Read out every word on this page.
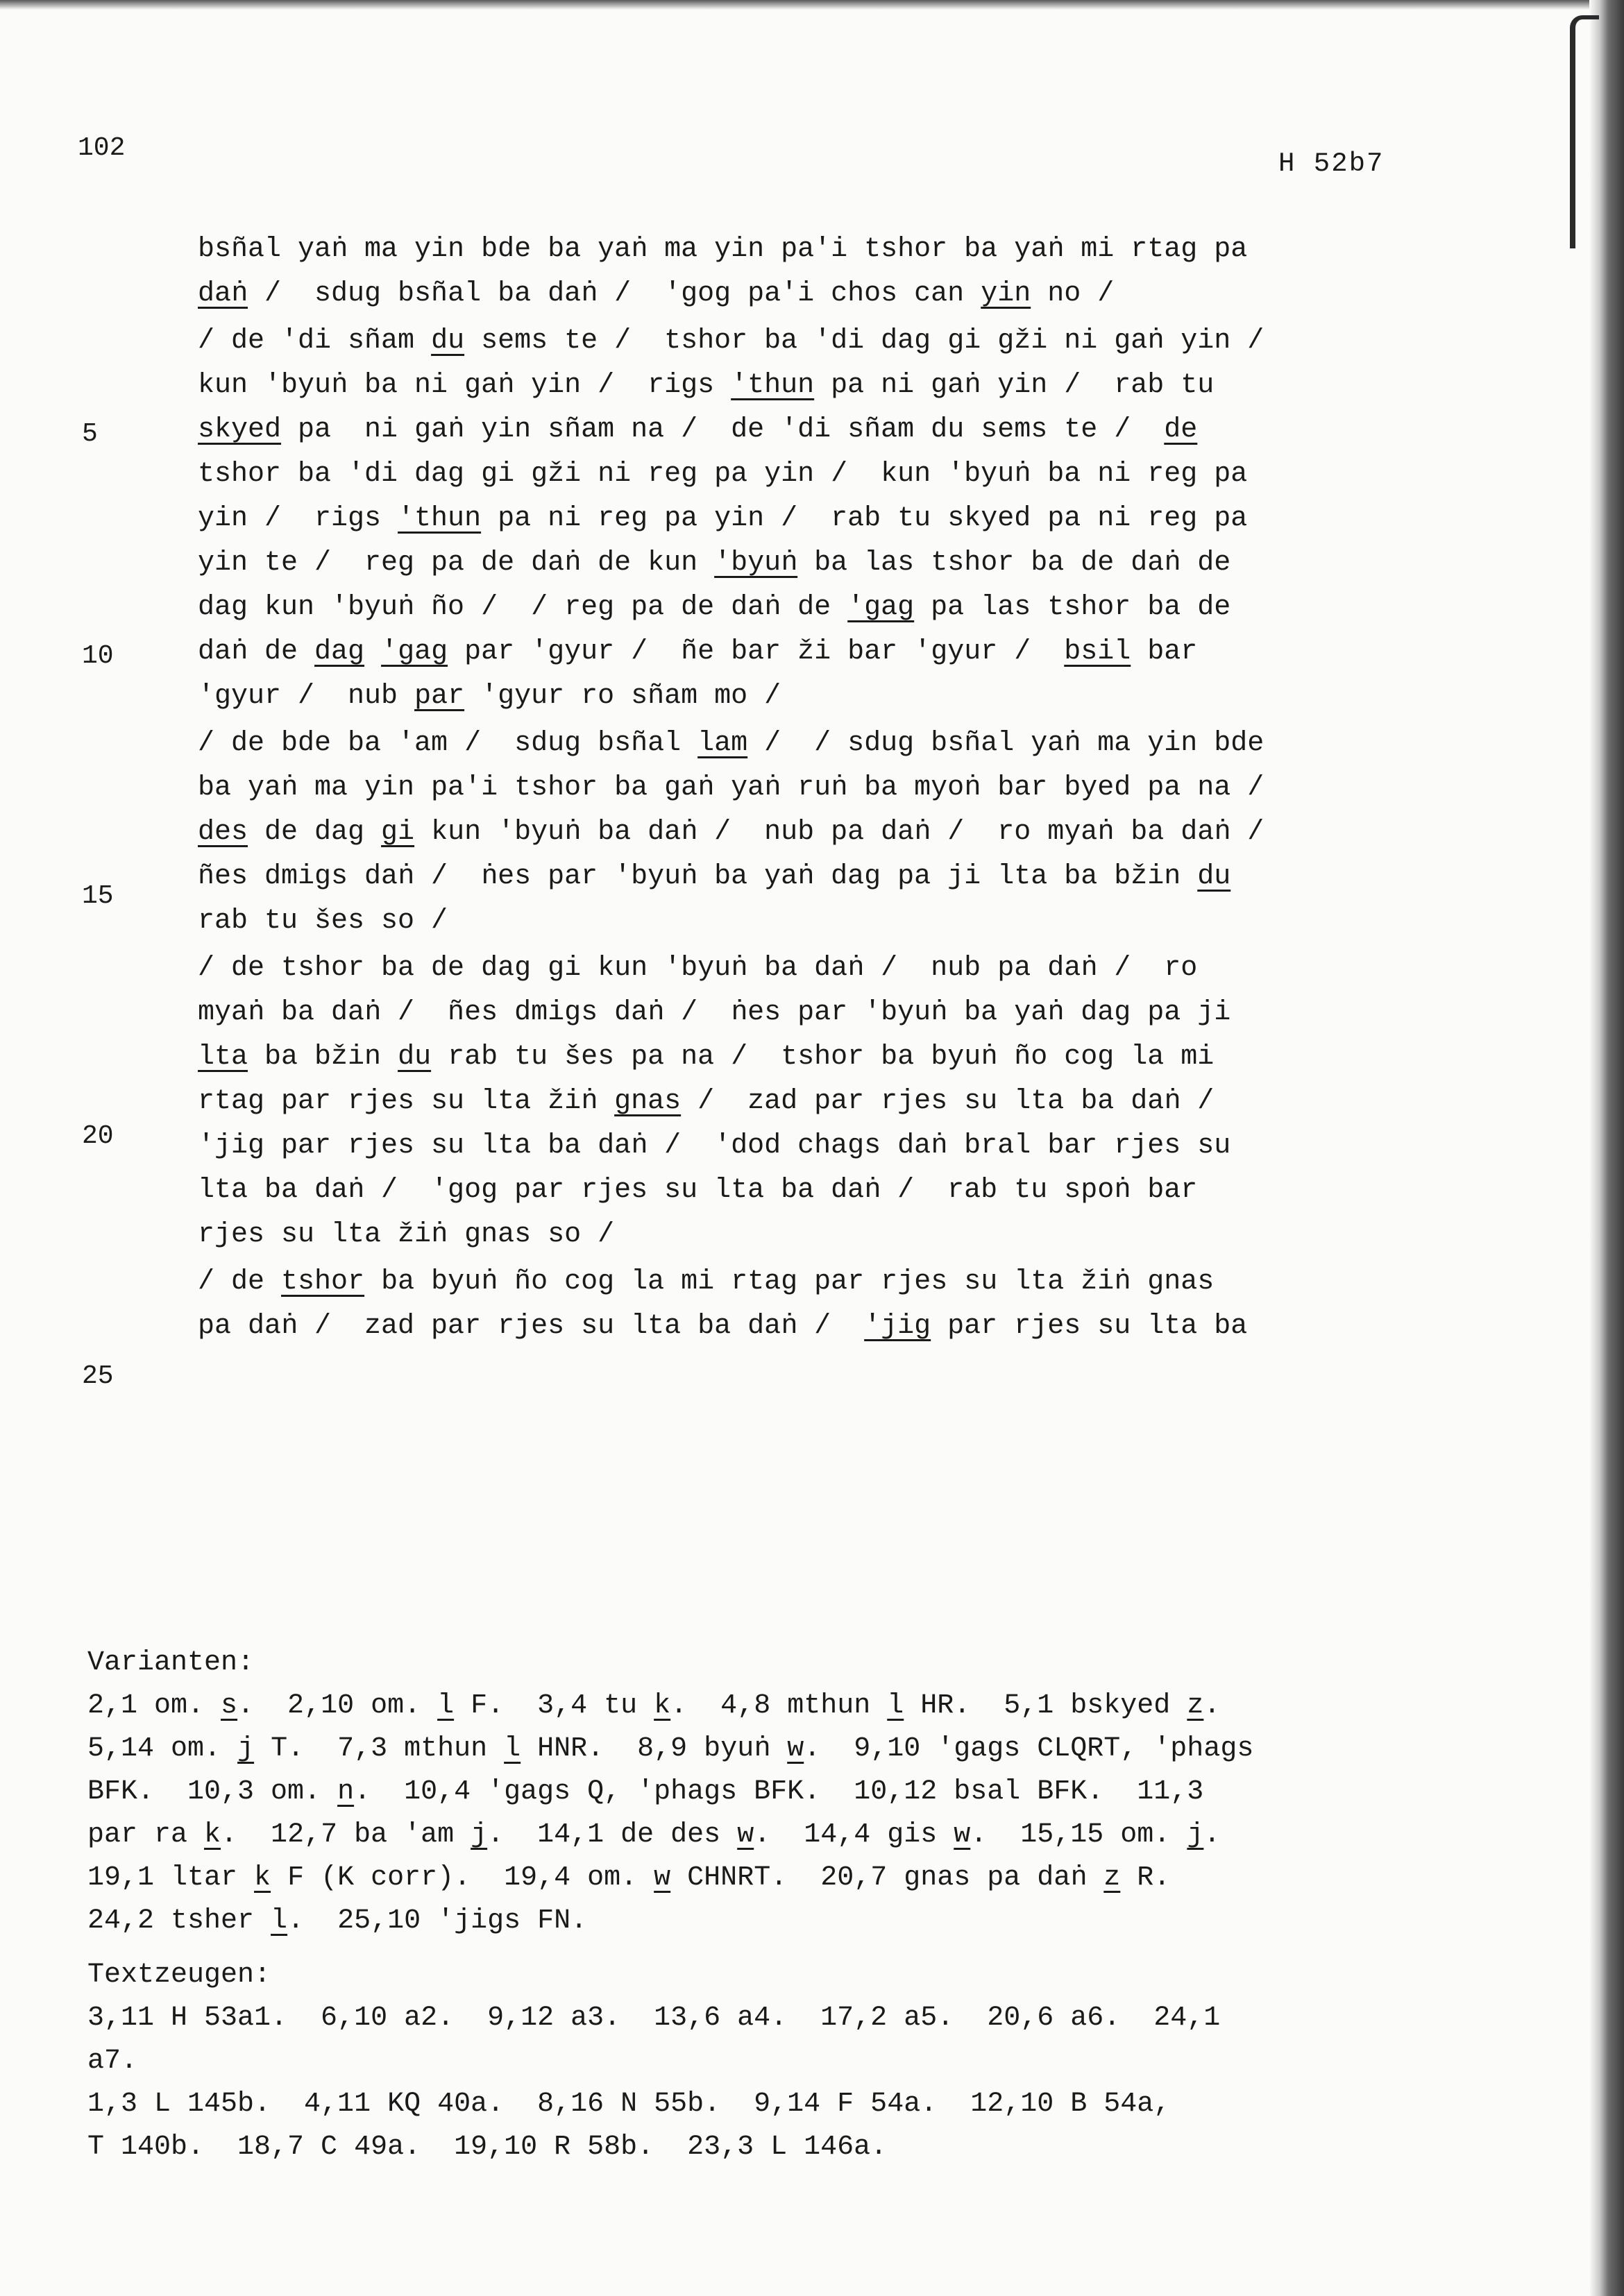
102
H 52b7
bsñal yaṅ ma yin bde ba yaṅ ma yin pa'i tshor ba yaṅ mi rtag pa
daṅ /  sdug bsñal ba daṅ /  'gog pa'i chos can yin no /
/ de 'di sñam du sems te /  tshor ba 'di dag gi gži ni gaṅ yin /
kun 'byuṅ ba ni gaṅ yin /  rigs 'thun pa ni gaṅ yin /  rab tu
skyed pa  ni gaṅ yin sñam na /  de 'di sñam du sems te /  de
tshor ba 'di dag gi gži ni reg pa yin /  kun 'byuṅ ba ni reg pa
yin /  rigs 'thun pa ni reg pa yin /  rab tu skyed pa ni reg pa
yin te /  reg pa de daṅ de kun 'byuṅ ba las tshor ba de daṅ de
dag kun 'byuṅ ño /  / reg pa de daṅ de 'gag pa las tshor ba de
daṅ de dag 'gag par 'gyur /  ñe bar ži bar 'gyur /  bsil bar
'gyur /  nub par 'gyur ro sñam mo /
/ de bde ba 'am /  sdug bsñal lam /  / sdug bsñal yaṅ ma yin bde
ba yaṅ ma yin pa'i tshor ba gaṅ yaṅ ruṅ ba myoṅ bar byed pa na /
des de dag gi kun 'byuṅ ba daṅ /  nub pa daṅ /  ro myaṅ ba daṅ /
ñes dmigs daṅ /  ṅes par 'byuṅ ba yaṅ dag pa ji lta ba bžin du
rab tu šes so /
/ de tshor ba de dag gi kun 'byuṅ ba daṅ /  nub pa daṅ /  ro
myaṅ ba daṅ /  ñes dmigs daṅ /  ṅes par 'byuṅ ba yaṅ dag pa ji
lta ba bžin du rab tu šes pa na /  tshor ba byuṅ ño cog la mi
rtag par rjes su lta žiṅ gnas /  zad par rjes su lta ba daṅ /
'jig par rjes su lta ba daṅ /  'dod chags daṅ bral bar rjes su
lta ba daṅ /  'gog par rjes su lta ba daṅ /  rab tu spoṅ bar
rjes su lta žiṅ gnas so /
/ de tshor ba byuṅ ño cog la mi rtag par rjes su lta žiṅ gnas
pa daṅ /  zad par rjes su lta ba daṅ /  'jig par rjes su lta ba
5
10
15
20
25
Varianten:
2,1 om. s.  2,10 om. l F.  3,4 tu k.  4,8 mthun l HR.  5,1 bskyed z.
5,14 om. j T.  7,3 mthun l HNR.  8,9 byuṅ w.  9,10 'gags CLQRT, 'phags
BFK.  10,3 om. n.  10,4 'gags Q, 'phags BFK.  10,12 bsal BFK.  11,3
par ra k.  12,7 ba 'am j.  14,1 de des w.  14,4 gis w.  15,15 om. j.
19,1 ltar k F (K corr).  19,4 om. w CHNRT.  20,7 gnas pa daṅ z R.
24,2 tsher l.  25,10 'jigs FN.
Textzeugen:
3,11 H 53a1.  6,10 a2.  9,12 a3.  13,6 a4.  17,2 a5.  20,6 a6.  24,1
a7.
1,3 L 145b.  4,11 KQ 40a.  8,16 N 55b.  9,14 F 54a.  12,10 B 54a,
T 140b.  18,7 C 49a.  19,10 R 58b.  23,3 L 146a.
